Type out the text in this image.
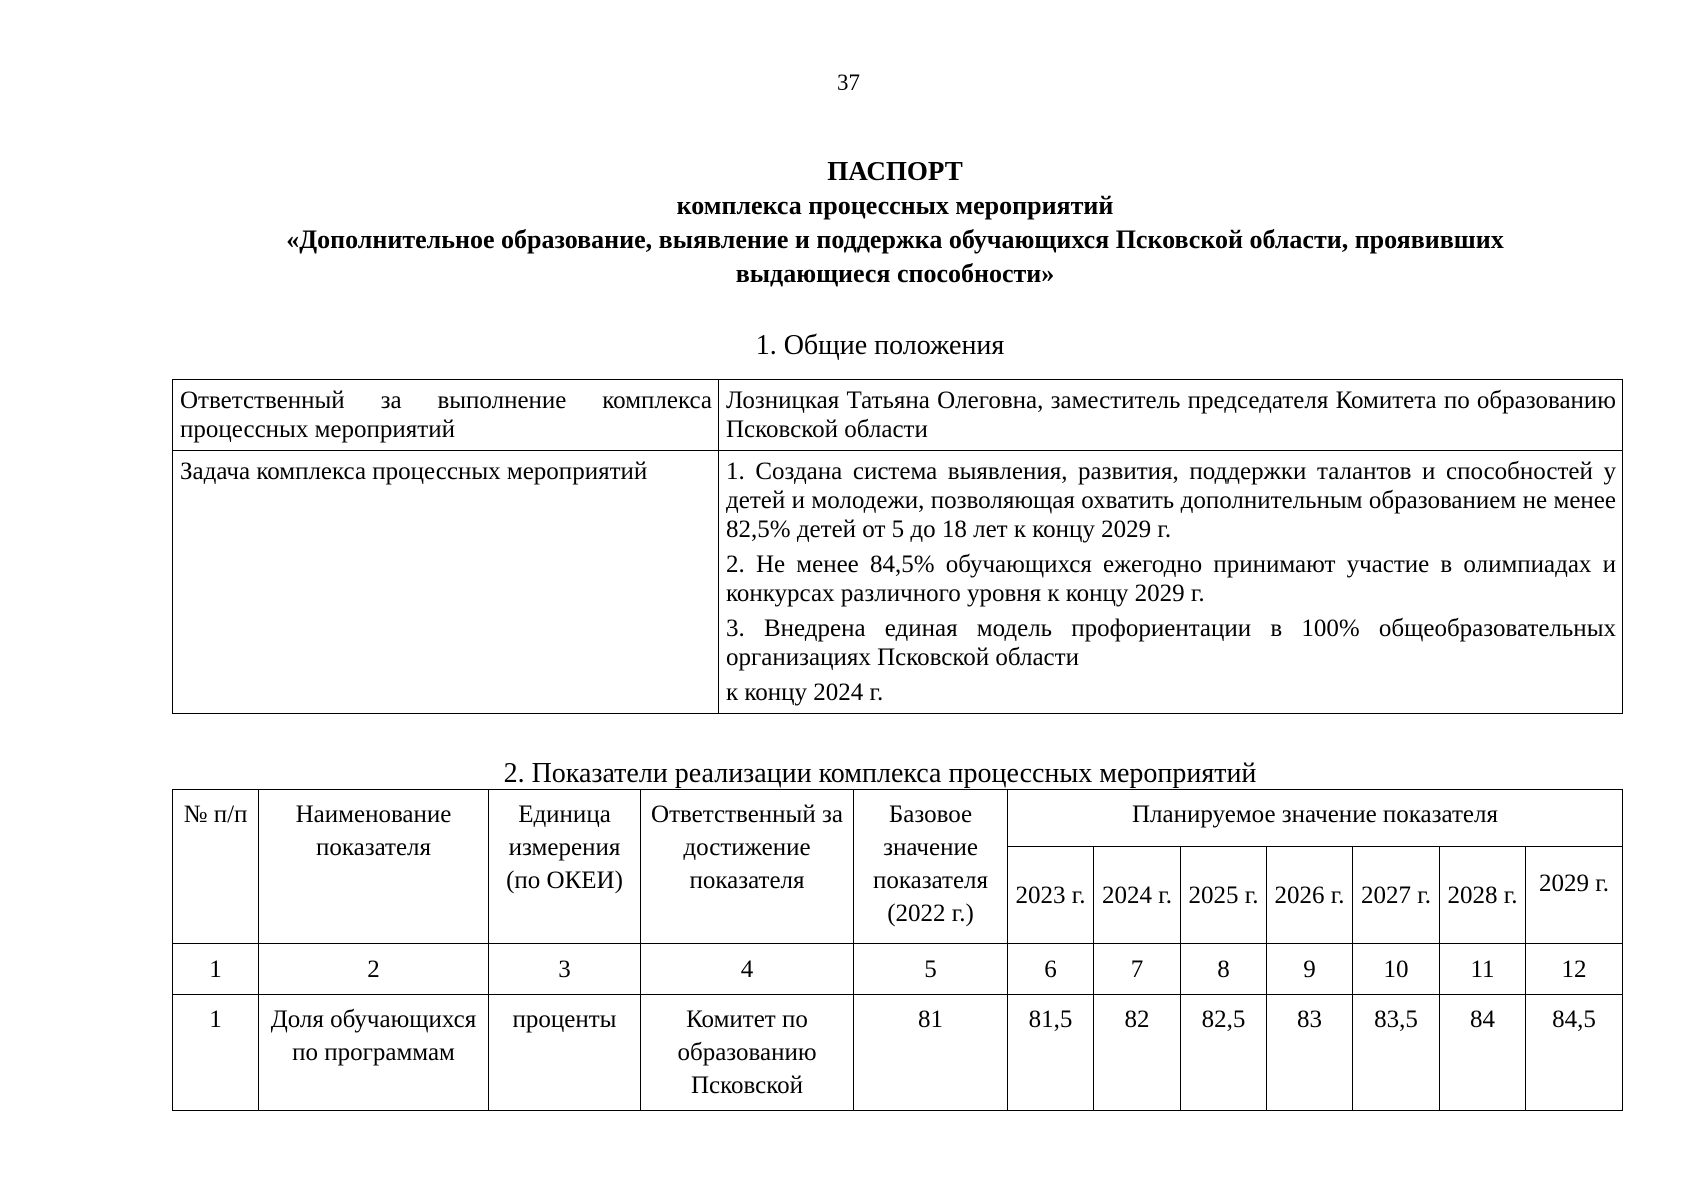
37
ПАСПОРТ
комплекса процессных мероприятий
«Дополнительное образование, выявление и поддержка обучающихся Псковской области, проявивших
выдающиеся способности»
1. Общие положения
Ответственный за выполнение комплекса процессных мероприятий	Лозницкая Татьяна Олеговна, заместитель председателя Комитета по образованию Псковской области
Задача комплекса процессных мероприятий	1. Создана система выявления, развития, поддержки талантов и способностей у детей и молодежи, позволяющая охватить дополнительным образованием не менее 82,5% детей от 5 до 18 лет к концу 2029 г.

2. Не менее 84,5% обучающихся ежегодно принимают участие в олимпиадах и конкурсах различного уровня к концу 2029 г.

3. Внедрена единая модель профориентации в 100% общеобразовательных организациях Псковской области

к концу 2024 г.

2. Показатели реализации комплекса процессных мероприятий
№ п/п	Наименование показателя	Единица измерения (по ОКЕИ)	Ответственный за достижение показателя	Базовое значение показателя (2022 г.)	Планируемое значение показателя						
					2023 г.	2024 г.	2025 г.	2026 г.	2027 г.	2028 г.	2029 г.
1	2	3	4	5	6	7	8	9	10	11	12
1	Доля обучающихся по программам	проценты	Комитет по образованию Псковской	81	81,5	82	82,5	83	83,5	84	84,5
